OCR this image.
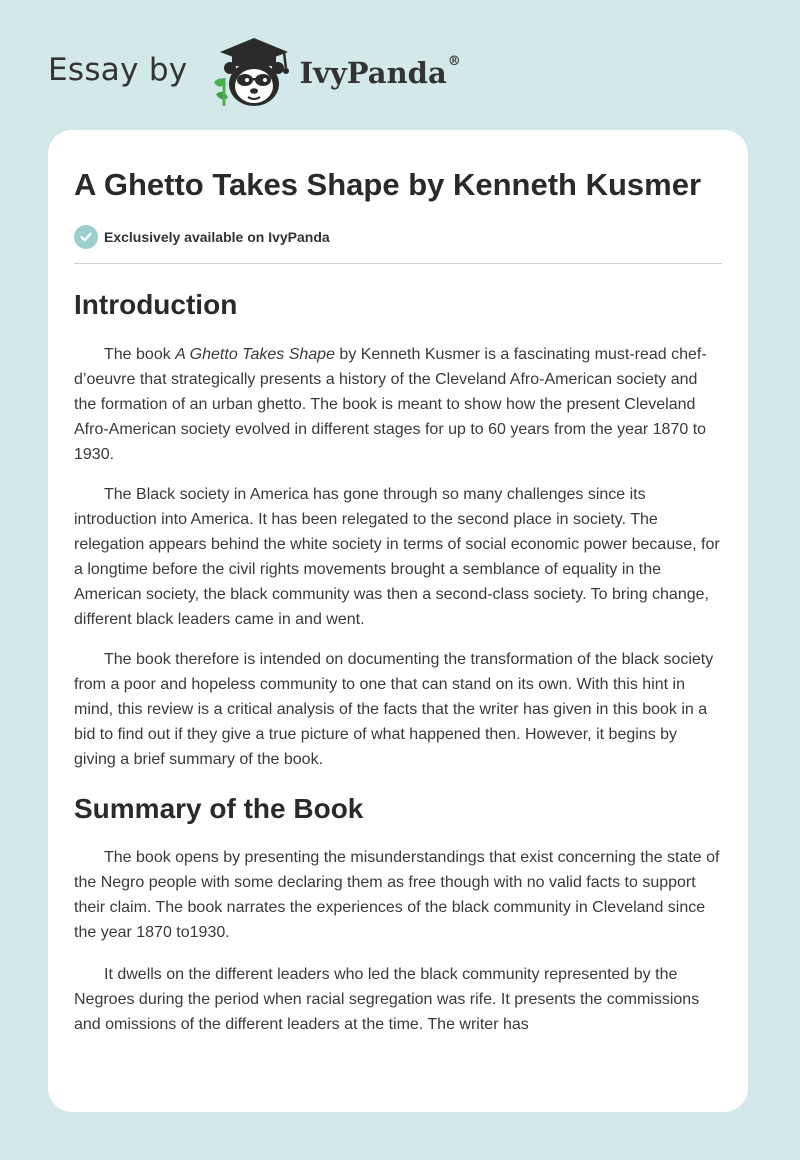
Essay by	IvyPanda®
A Ghetto Takes Shape by Kenneth Kusmer
Exclusively available on IvyPanda
Introduction

The book A Ghetto Takes Shape by Kenneth Kusmer is a fascinating must-read chef-d’oeuvre that strategically presents a history of the Cleveland Afro-American society and the formation of an urban ghetto. The book is meant to show how the present Cleveland Afro-American society evolved in different stages for up to 60 years from the year 1870 to 1930.

The Black society in America has gone through so many challenges since its introduction into America. It has been relegated to the second place in society. The relegation appears behind the white society in terms of social economic power because, for a longtime before the civil rights movements brought a semblance of equality in the American society, the black community was then a second-class society. To bring change, different black leaders came in and went.

The book therefore is intended on documenting the transformation of the black society from a poor and hopeless community to one that can stand on its own. With this hint in mind, this review is a critical analysis of the facts that the writer has given in this book in a bid to find out if they give a true picture of what happened then. However, it begins by giving a brief summary of the book.

Summary of the Book

The book opens by presenting the misunderstandings that exist concerning the state of the Negro people with some declaring them as free though with no valid facts to support their claim. The book narrates the experiences of the black community in Cleveland since the year 1870 to1930.

It dwells on the different leaders who led the black community represented by the Negroes during the period when racial segregation was rife. It presents the commissions and omissions of the different leaders at the time. The writer has
